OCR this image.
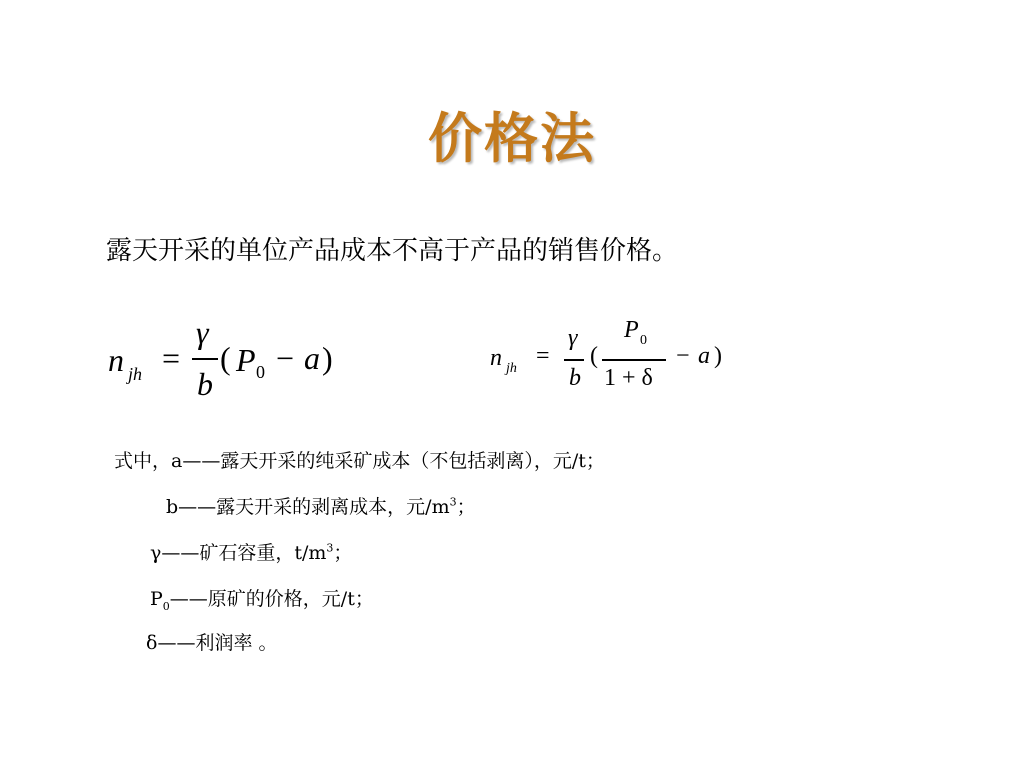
价格法
露天开采的单位产品成本不高于产品的销售价格。
n jh =
γ
b
( P 0 − a )	n jh =
γ
b
(
P 0
1 + δ
− a )
式中，a——露天开采的纯采矿成本（不包括剥离），元/t；
b——露天开采的剥离成本，元$/m^3$；
γ——矿石容重，$t/m^3$；
$P_0——$原矿的价格，元/t；
δ——利润率 。
